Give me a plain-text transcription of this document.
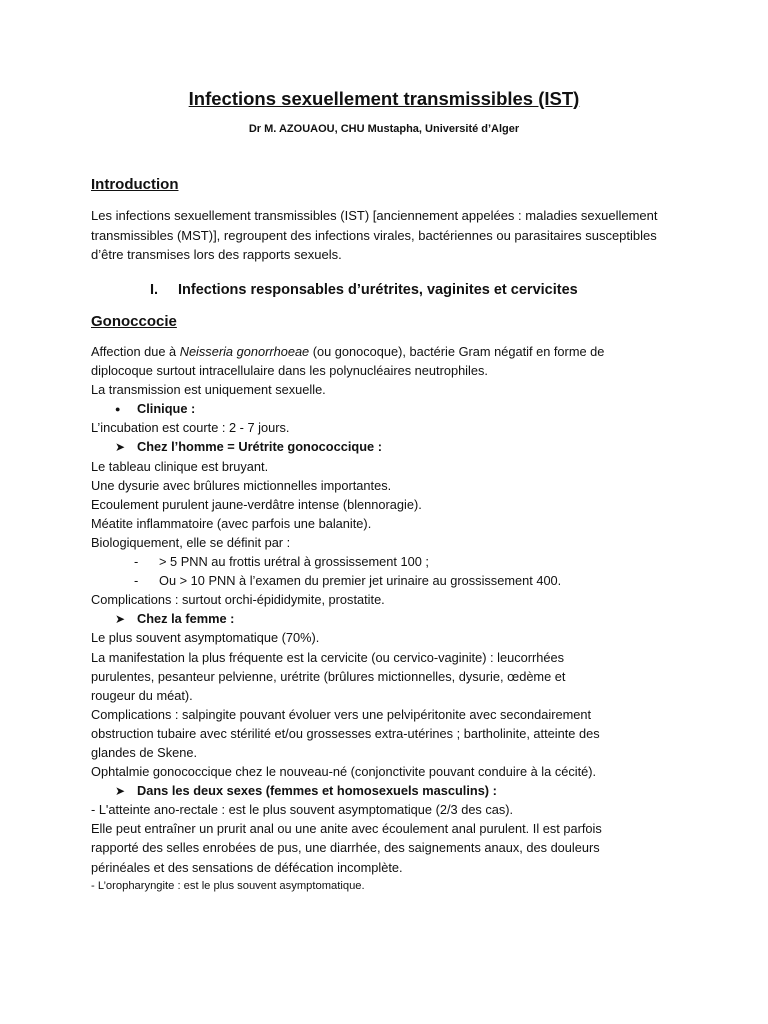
Infections sexuellement transmissibles (IST)
Dr M. AZOUAOU, CHU Mustapha, Université d’Alger
Introduction
Les infections sexuellement transmissibles (IST) [anciennement appelées : maladies sexuellement transmissibles (MST)], regroupent des infections virales, bactériennes ou parasitaires susceptibles d’être transmises lors des rapports sexuels.
I. Infections responsables d’urétrites, vaginites et cervicites
Gonoccocie
Affection due à Neisseria gonorrhoeae (ou gonocoque), bactérie Gram négatif en forme de
diplocoque surtout intracellulaire dans les polynucléaires neutrophiles.
La transmission est uniquement sexuelle.
● Clinique :
L’incubation est courte : 2 - 7 jours.
➤ Chez l’homme = Urétrite gonococcique :
Le tableau clinique est bruyant.
Une dysurie avec brûlures mictionnelles importantes.
Ecoulement purulent jaune-verdâtre intense (blennoragie).
Méatite inflammatoire (avec parfois une balanite).
Biologiquement, elle se définit par :
- > 5 PNN au frottis urétral à grossissement 100 ;
- Ou > 10 PNN à l’examen du premier jet urinaire au grossissement 400.
Complications : surtout orchi-épididymite, prostatite.
➤ Chez la femme :
Le plus souvent asymptomatique (70%).
La manifestation la plus fréquente est la cervicite (ou cervico-vaginite) : leucorrhées
purulentes, pesanteur pelvienne, urétrite (brûlures mictionnelles, dysurie, œdème et
rougeur du méat).
Complications : salpingite pouvant évoluer vers une pelvipéritonite avec secondairement
obstruction tubaire avec stérilité et/ou grossesses extra-utérines ; bartholinite, atteinte des
glandes de Skene.
Ophtalmie gonococcique chez le nouveau-né (conjonctivite pouvant conduire à la cécité).
➤ Dans les deux sexes (femmes et homosexuels masculins) :
- L'atteinte ano-rectale : est le plus souvent asymptomatique (2/3 des cas).
Elle peut entraîner un prurit anal ou une anite avec écoulement anal purulent. Il est parfois
rapporté des selles enrobées de pus, une diarrhée, des saignements anaux, des douleurs
périnéales et des sensations de défécation incomplète.
- L’oropharyngite : est le plus souvent asymptomatique.
